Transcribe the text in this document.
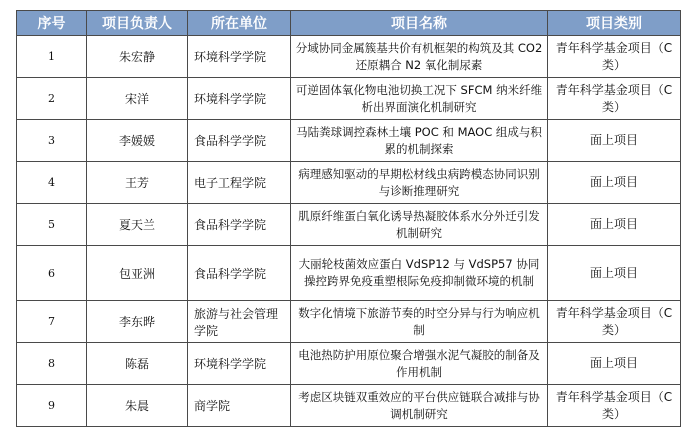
序号	项目负责人	所在单位	项目名称	项目类别
1	朱宏静	环境科学学院	分域协同金属簇基共价有机框架的构筑及其 CO2 还原耦合 N2 氧化制尿素	青年科学基金项目（C类）
2	宋洋	环境科学学院	可逆固体氧化物电池切换工况下 SFCM 纳米纤维析出界面演化机制研究	青年科学基金项目（C类）
3	李媛媛	食品科学学院	马陆粪球调控森林土壤 POC 和 MAOC 组成与积累的机制探索	面上项目
4	王芳	电子工程学院	病理感知驱动的早期松材线虫病跨模态协同识别与诊断推理研究	面上项目
5	夏天兰	食品科学学院	肌原纤维蛋白氧化诱导热凝胶体系水分外迁引发机制研究	面上项目
6	包亚洲	食品科学学院	大丽轮枝菌效应蛋白 VdSP12 与 VdSP57 协同操控跨界免疫重塑根际免疫抑制微环境的机制	面上项目
7	李东晔	旅游与社会管理学院	数字化情境下旅游节奏的时空分异与行为响应机制	青年科学基金项目（C类）
8	陈磊	环境科学学院	电池热防护用原位聚合增强水泥气凝胶的制备及作用机制	面上项目
9	朱晨	商学院	考虑区块链双重效应的平台供应链联合减排与协调机制研究	青年科学基金项目（C类）
